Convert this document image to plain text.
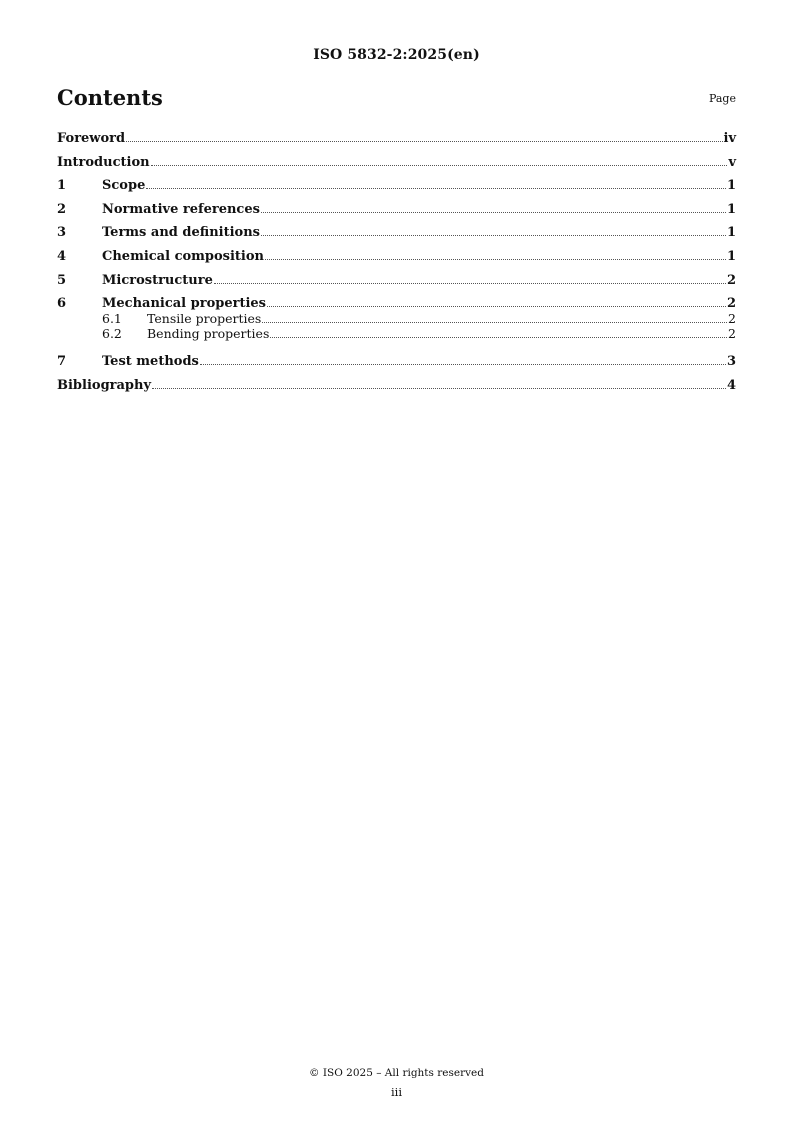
ISO 5832-2:2025(en)
Contents	Page
Foreword	iv
Introduction	v
1	Scope	1
2	Normative references	1
3	Terms and definitions	1
4	Chemical composition	1
5	Microstructure	2
6	Mechanical properties	2
6.1	Tensile properties	2
6.2	Bending properties	2
7	Test methods	3
Bibliography	4
© ISO 2025 – All rights reserved
iii
